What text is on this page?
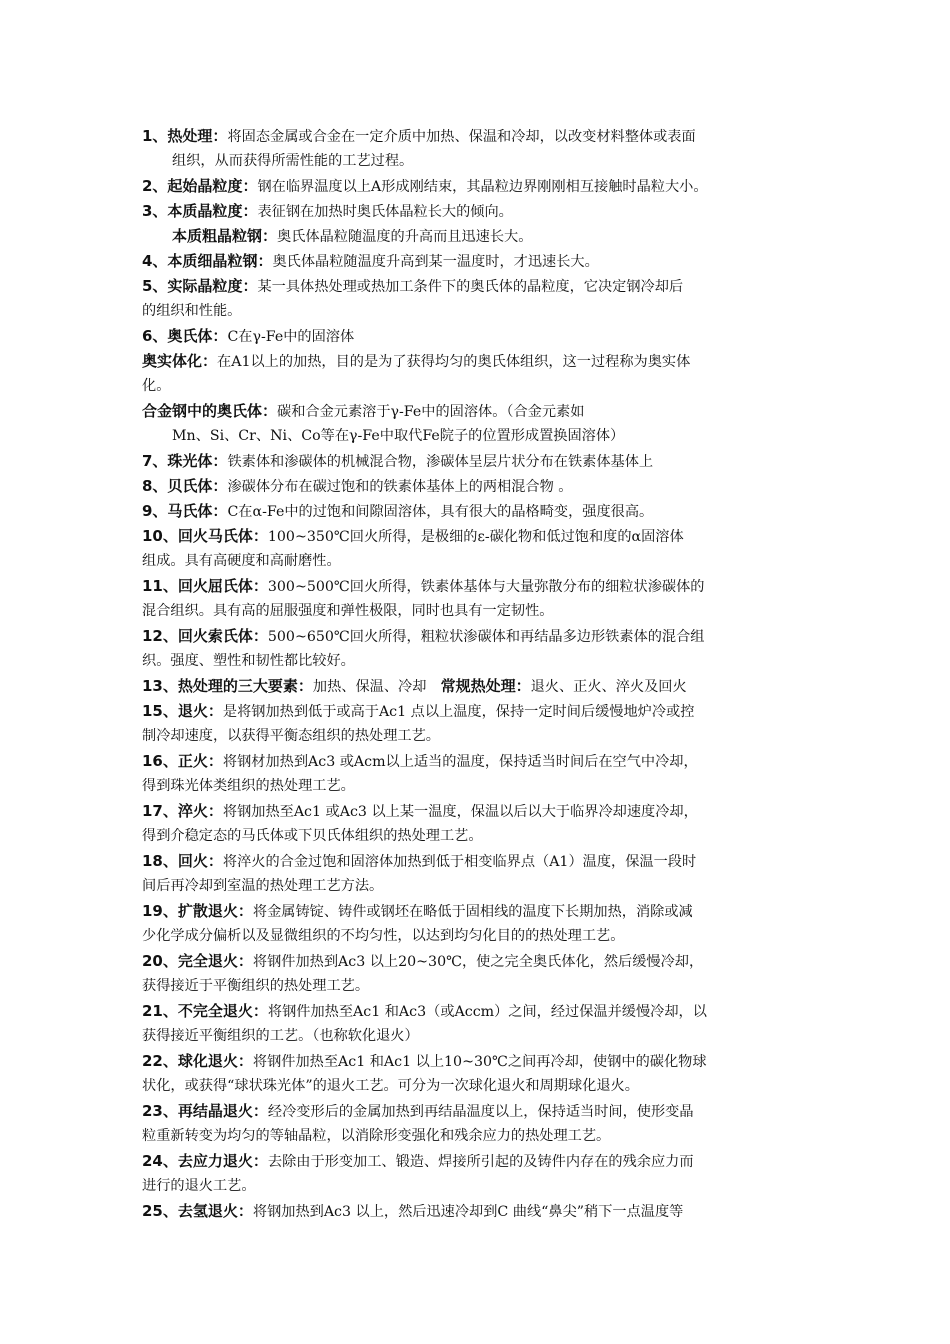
1、热处理：将固态金属或合金在一定介质中加热、保温和冷却，以改变材料整体或表面
组织，从而获得所需性能的工艺过程。
2、起始晶粒度：钢在临界温度以上A形成刚结束，其晶粒边界刚刚相互接触时晶粒大小。
3、本质晶粒度：表征钢在加热时奥氏体晶粒长大的倾向。
本质粗晶粒钢：奥氏体晶粒随温度的升高而且迅速长大。
4、本质细晶粒钢：奥氏体晶粒随温度升高到某一温度时，才迅速长大。
5、实际晶粒度：某一具体热处理或热加工条件下的奥氏体的晶粒度，它决定钢冷却后
的组织和性能。
6、奥氏体：C在γ-Fe中的固溶体
奥实体化：在A1以上的加热，目的是为了获得均匀的奥氏体组织，这一过程称为奥实体
化。
合金钢中的奥氏体：碳和合金元素溶于γ-Fe中的固溶体。（合金元素如
Mn、Si、Cr、Ni、Co等在γ-Fe中取代Fe院子的位置形成置换固溶体）
7、珠光体：铁素体和渗碳体的机械混合物，渗碳体呈层片状分布在铁素体基体上
8、贝氏体：渗碳体分布在碳过饱和的铁素体基体上的两相混合物 。
9、马氏体：C在α-Fe中的过饱和间隙固溶体，具有很大的晶格畸变，强度很高。
10、回火马氏体：100~350℃回火所得，是极细的ε-碳化物和低过饱和度的α固溶体
组成。具有高硬度和高耐磨性。
11、回火屈氏体：300~500℃回火所得，铁素体基体与大量弥散分布的细粒状渗碳体的
混合组织。具有高的屈服强度和弹性极限，同时也具有一定韧性。
12、回火索氏体：500~650℃回火所得，粗粒状渗碳体和再结晶多边形铁素体的混合组
织。强度、塑性和韧性都比较好。
13、热处理的三大要素：加热、保温、冷却　常规热处理：退火、正火、淬火及回火
15、退火：是将钢加热到低于或高于Ac1 点以上温度，保持一定时间后缓慢地炉冷或控
制冷却速度，以获得平衡态组织的热处理工艺。
16、正火：将钢材加热到Ac3 或Acm以上适当的温度，保持适当时间后在空气中冷却，
得到珠光体类组织的热处理工艺。
17、淬火：将钢加热至Ac1 或Ac3 以上某一温度，保温以后以大于临界冷却速度冷却，
得到介稳定态的马氏体或下贝氏体组织的热处理工艺。
18、回火：将淬火的合金过饱和固溶体加热到低于相变临界点（A1）温度，保温一段时
间后再冷却到室温的热处理工艺方法。
19、扩散退火：将金属铸锭、铸件或钢坯在略低于固相线的温度下长期加热，消除或减
少化学成分偏析以及显微组织的不均匀性，以达到均匀化目的的热处理工艺。
20、完全退火：将钢件加热到Ac3 以上20~30℃，使之完全奥氏体化，然后缓慢冷却，
获得接近于平衡组织的热处理工艺。
21、不完全退火：将钢件加热至Ac1 和Ac3（或Accm）之间，经过保温并缓慢冷却，以
获得接近平衡组织的工艺。（也称软化退火）
22、球化退火：将钢件加热至Ac1 和Ac1 以上10~30℃之间再冷却，使钢中的碳化物球
状化，或获得“球状珠光体”的退火工艺。可分为一次球化退火和周期球化退火。
23、再结晶退火：经冷变形后的金属加热到再结晶温度以上，保持适当时间，使形变晶
粒重新转变为均匀的等轴晶粒，以消除形变强化和残余应力的热处理工艺。
24、去应力退火：去除由于形变加工、锻造、焊接所引起的及铸件内存在的残余应力而
进行的退火工艺。
25、去氢退火：将钢加热到Ac3 以上，然后迅速冷却到C 曲线“鼻尖”稍下一点温度等
